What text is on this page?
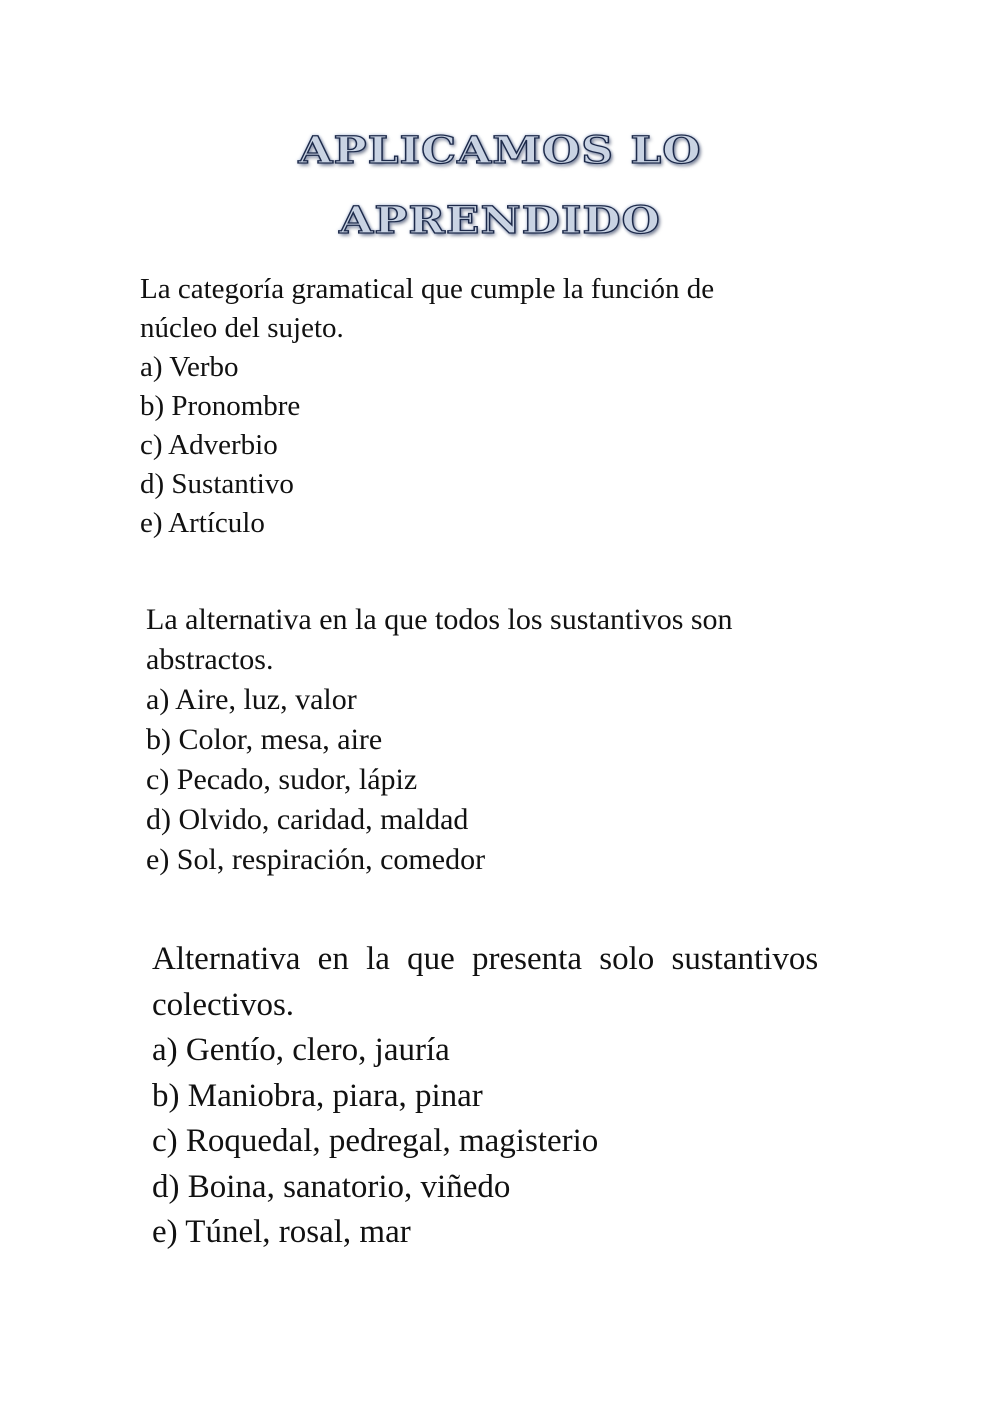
APLICAMOS LO
APRENDIDO
La categoría gramatical que cumple la función de
núcleo del sujeto.
a) Verbo
b) Pronombre
c) Adverbio
d) Sustantivo
e) Artículo
La alternativa en la que todos los sustantivos son
abstractos.
a) Aire, luz, valor
b) Color, mesa, aire
c) Pecado, sudor, lápiz
d) Olvido, caridad, maldad
e) Sol, respiración, comedor
Alternativa en la que presenta solo sustantivos
colectivos.
a) Gentío, clero, jauría
b) Maniobra, piara, pinar
c) Roquedal, pedregal, magisterio
d) Boina, sanatorio, viñedo
e) Túnel, rosal, mar
